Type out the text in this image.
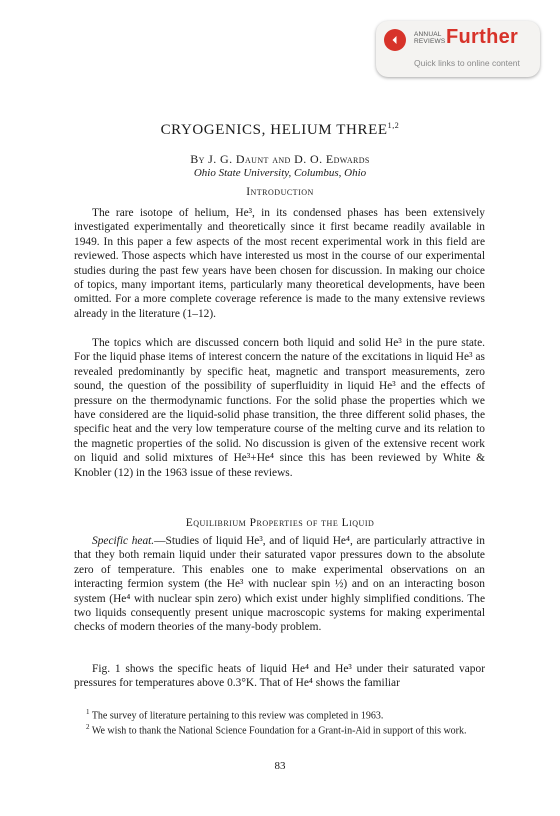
ANNUAL
REVIEWS Further
Quick links to online content
CRYOGENICS, HELIUM THREE$^{1,2}$
By J. G. Daunt and D. O. Edwards
Ohio State University, Columbus, Ohio
Introduction

The rare isotope of helium, He³, in its condensed phases has been extensively investigated experimentally and theoretically since it first became readily available in 1949. In this paper a few aspects of the most recent experimental work in this field are reviewed. Those aspects which have interested us most in the course of our experimental studies during the past few years have been chosen for discussion. In making our choice of topics, many important items, particularly many theoretical developments, have been omitted. For a more complete coverage reference is made to the many extensive reviews already in the literature (1–12).

The topics which are discussed concern both liquid and solid He³ in the pure state. For the liquid phase items of interest concern the nature of the excitations in liquid He³ as revealed predominantly by specific heat, magnetic and transport measurements, zero sound, the question of the possibility of superfluidity in liquid He³ and the effects of pressure on the thermodynamic functions. For the solid phase the properties which we have considered are the liquid-solid phase transition, the three different solid phases, the specific heat and the very low temperature course of the melting curve and its relation to the magnetic properties of the solid. No discussion is given of the extensive recent work on liquid and solid mixtures of He³+He⁴ since this has been reviewed by White & Knobler (12) in the 1963 issue of these reviews.

Equilibrium Properties of the Liquid

Specific heat.—Studies of liquid He³, and of liquid He⁴, are particularly attractive in that they both remain liquid under their saturated vapor pressures down to the absolute zero of temperature. This enables one to make experimental observations on an interacting fermion system (the He³ with nuclear spin ½) and on an interacting boson system (He⁴ with nuclear spin zero) which exist under highly simplified conditions. The two liquids consequently present unique macroscopic systems for making experimental checks of modern theories of the many-body problem.

Fig. 1 shows the specific heats of liquid He⁴ and He³ under their saturated vapor pressures for temperatures above 0.3°K. That of He⁴ shows the familiar

$^1$ The survey of literature pertaining to this review was completed in 1963.

$^2$ We wish to thank the National Science Foundation for a Grant-in-Aid in support of this work.

83
